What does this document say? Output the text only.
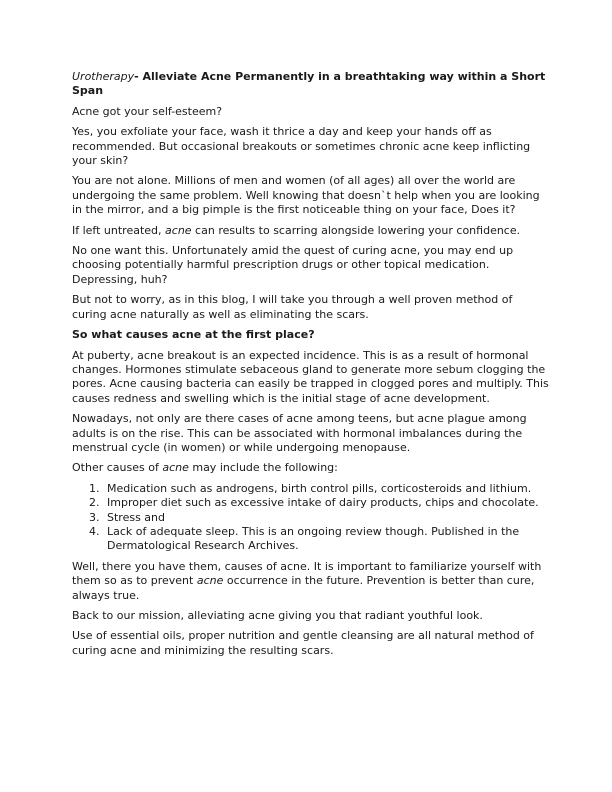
Urotherapy- Alleviate Acne Permanently in a breathtaking way within a Short Span

Acne got your self-esteem?

Yes, you exfoliate your face, wash it thrice a day and keep your hands off as recommended. But occasional breakouts or sometimes chronic acne keep inflicting your skin?

You are not alone. Millions of men and women (of all ages) all over the world are undergoing the same problem. Well knowing that doesn`t help when you are looking in the mirror, and a big pimple is the first noticeable thing on your face, Does it?

If left untreated, acne can results to scarring alongside lowering your confidence.

No one want this. Unfortunately amid the quest of curing acne, you may end up choosing potentially harmful prescription drugs or other topical medication. Depressing, huh?

But not to worry, as in this blog, I will take you through a well proven method of curing acne naturally as well as eliminating the scars.

So what causes acne at the first place?

At puberty, acne breakout is an expected incidence. This is as a result of hormonal changes. Hormones stimulate sebaceous gland to generate more sebum clogging the pores. Acne causing bacteria can easily be trapped in clogged pores and multiply. This causes redness and swelling which is the initial stage of acne development.

Nowadays, not only are there cases of acne among teens, but acne plague among adults is on the rise. This can be associated with hormonal imbalances during the menstrual cycle (in women) or while undergoing menopause.

Other causes of acne may include the following:

1. Medication such as androgens, birth control pills, corticosteroids and lithium.
2. Improper diet such as excessive intake of dairy products, chips and chocolate.
3. Stress and
4. Lack of adequate sleep. This is an ongoing review though. Published in the Dermatological Research Archives.

Well, there you have them, causes of acne. It is important to familiarize yourself with them so as to prevent acne occurrence in the future. Prevention is better than cure, always true.

Back to our mission, alleviating acne giving you that radiant youthful look.

Use of essential oils, proper nutrition and gentle cleansing are all natural method of curing acne and minimizing the resulting scars.
